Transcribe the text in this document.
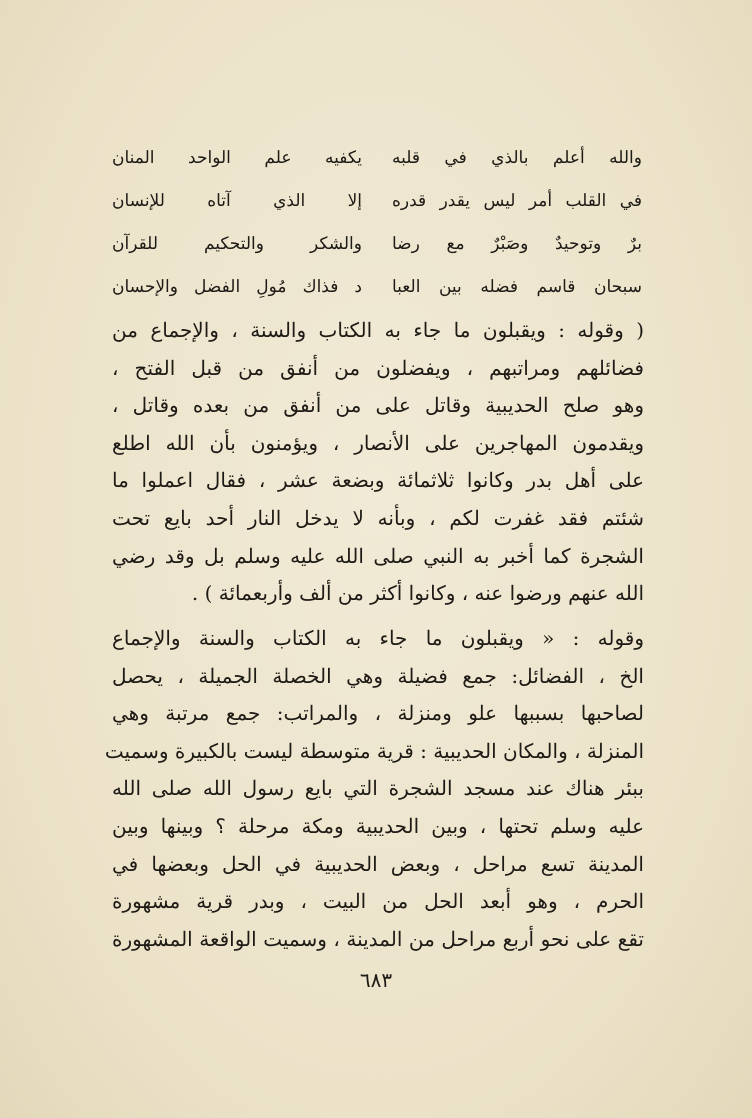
والله أعلم بالذي في قلبه
يكفيه علم الواحد المنان
في القلب أمر ليس يقدر قدره
إلا الذي آتاه للإنسان
برٌ وتوحيدٌ وصَبْرٌ مع رضا
والشكر والتحكيم للقرآن
سبحان قاسم فضله بين العبا
د فذاك مُولِ الفضل والإحسان
( وقوله : ويقبلون ما جاء به الكتاب والسنة ، والإجماع من
فضائلهم ومراتبهم ، ويفضلون من أنفق من قبل الفتح ،
وهو صلح الحديبية وقاتل على من أنفق من بعده وقاتل ،
ويقدمون المهاجرين على الأنصار ، ويؤمنون بأن الله اطلع
على أهل بدر وكانوا ثلاثمائة وبضعة عشر ، فقال اعملوا ما
شئتم فقد غفرت لكم ، وبأنه لا يدخل النار أحد بايع تحت
الشجرة كما أخبر به النبي صلى الله عليه وسلم بل وقد رضي
الله عنهم ورضوا عنه ، وكانوا أكثر من ألف وأربعمائة ) .
وقوله : « ويقبلون ما جاء به الكتاب والسنة والإجماع
الخ ، الفضائل: جمع فضيلة وهي الخصلة الجميلة ، يحصل
لصاحبها بسببها علو ومنزلة ، والمراتب: جمع مرتبة وهي
المنزلة ، والمكان الحديبية : قرية متوسطة ليست بالكبيرة وسميت
ببئر هناك عند مسجد الشجرة التي بايع رسول الله صلى الله
عليه وسلم تحتها ، وبين الحديبية ومكة مرحلة ؟ وبينها وبين
المدينة تسع مراحل ، وبعض الحديبية في الحل وبعضها في
الحرم ، وهو أبعد الحل من البيت ، وبدر قرية مشهورة
تقع على نحو أربع مراحل من المدينة ، وسميت الواقعة المشهورة
٦٨٣
